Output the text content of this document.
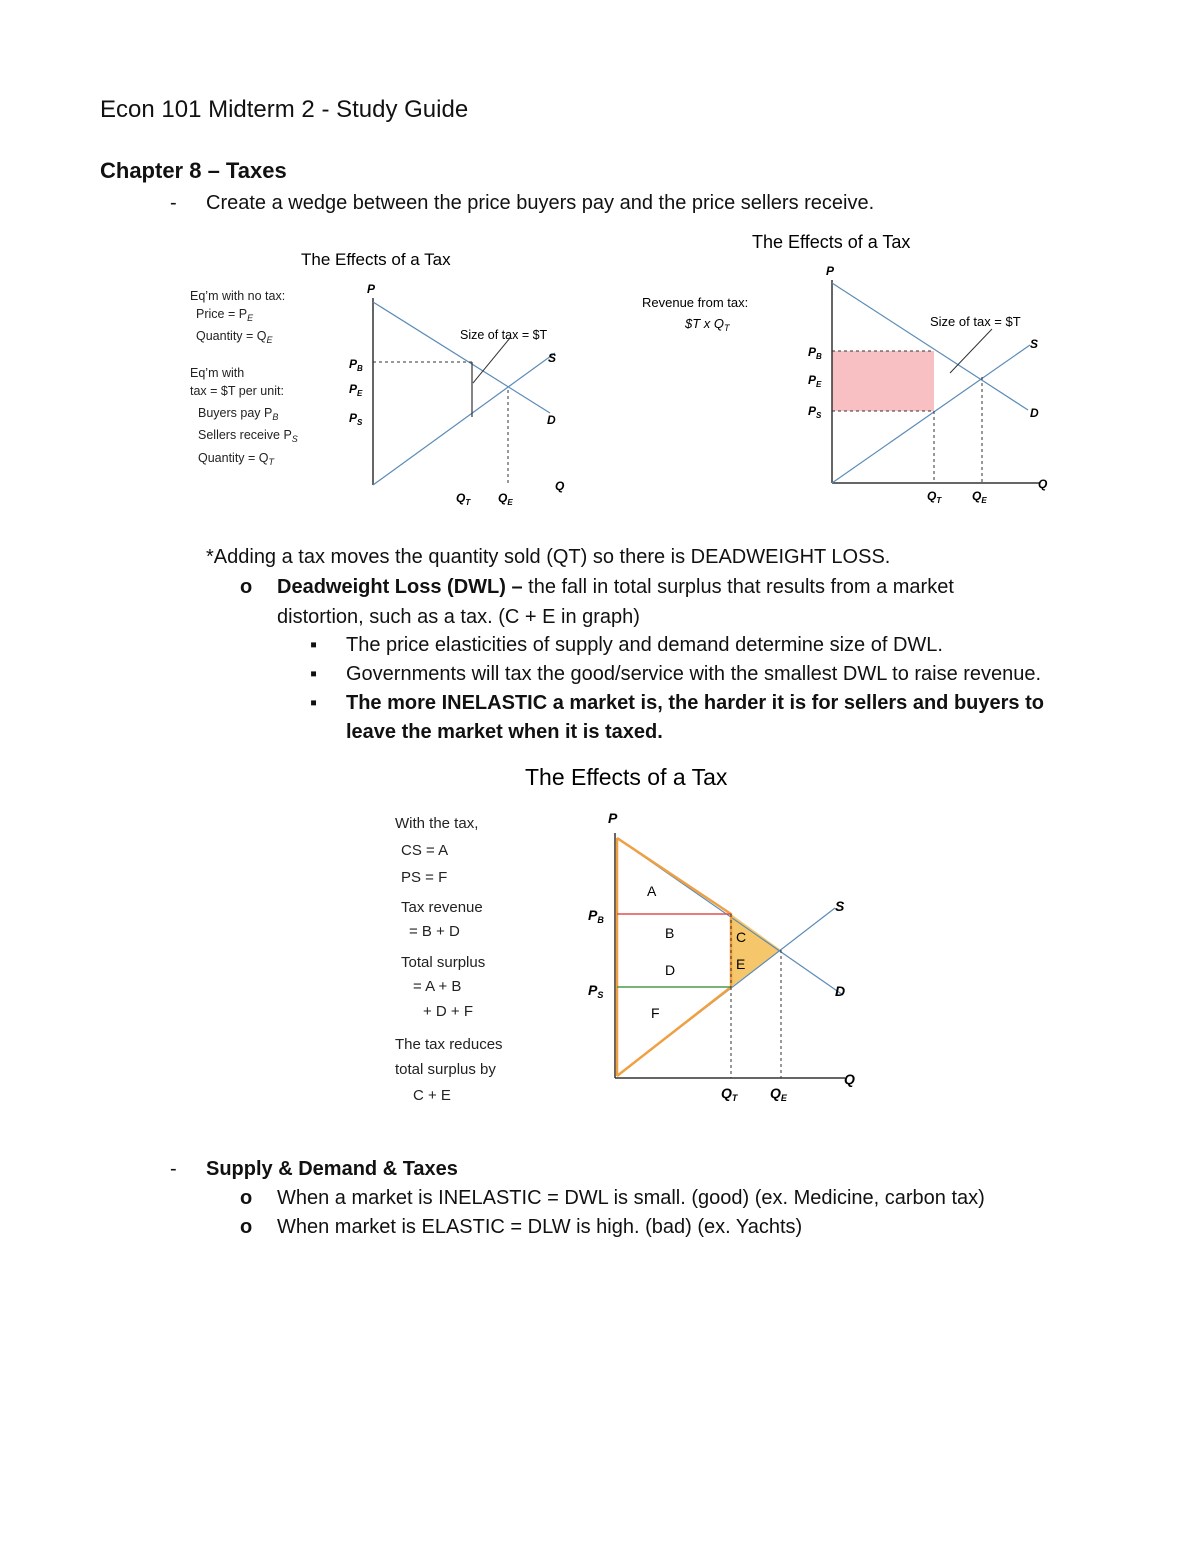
Econ 101 Midterm 2 - Study Guide
Chapter 8 – Taxes
- Create a wedge between the price buyers pay and the price sellers receive.
The Effects of a Tax
Eq’m with no tax:
Price = $P_E$
Quantity = $Q_E$
Eq’m with
tax = $T per unit:
Buyers pay $P_B$
Sellers receive $P_S$
Quantity = $Q_T$
P
$P_B$
$P_E$
$P_S$
S
D
Q
$Q_T$ $Q_E$
Size of tax = $T
The Effects of a Tax
Revenue from tax:
$T x $Q_T$	Size of tax = $T
P
$P_B$
$P_E$
$P_S$
S
D
Q
$Q_T$	$Q_E$
*Adding a tax moves the quantity sold (QT) so there is DEADWEIGHT LOSS.
o Deadweight Loss (DWL) – the fall in total surplus that results from a market
distortion, such as a tax. (C + E in graph)
▪ The price elasticities of supply and demand determine size of DWL.
▪ Governments will tax the good/service with the smallest DWL to raise revenue.
▪ The more INELASTIC a market is, the harder it is for sellers and buyers to
leave the market when it is taxed.
The Effects of a Tax
With the tax,
CS = A
PS = F
Tax revenue
= B + D
Total surplus
= A + B
+ D + F
The tax reduces
total surplus by
C + E
A
B	C
D	E
F
P
$P_B$
$P_S$
S
D
Q
$Q_T$ $Q_E$
- Supply & Demand & Taxes
o When a market is INELASTIC = DWL is small. (good) (ex. Medicine, carbon tax)
o When market is ELASTIC = DLW is high. (bad) (ex. Yachts)
